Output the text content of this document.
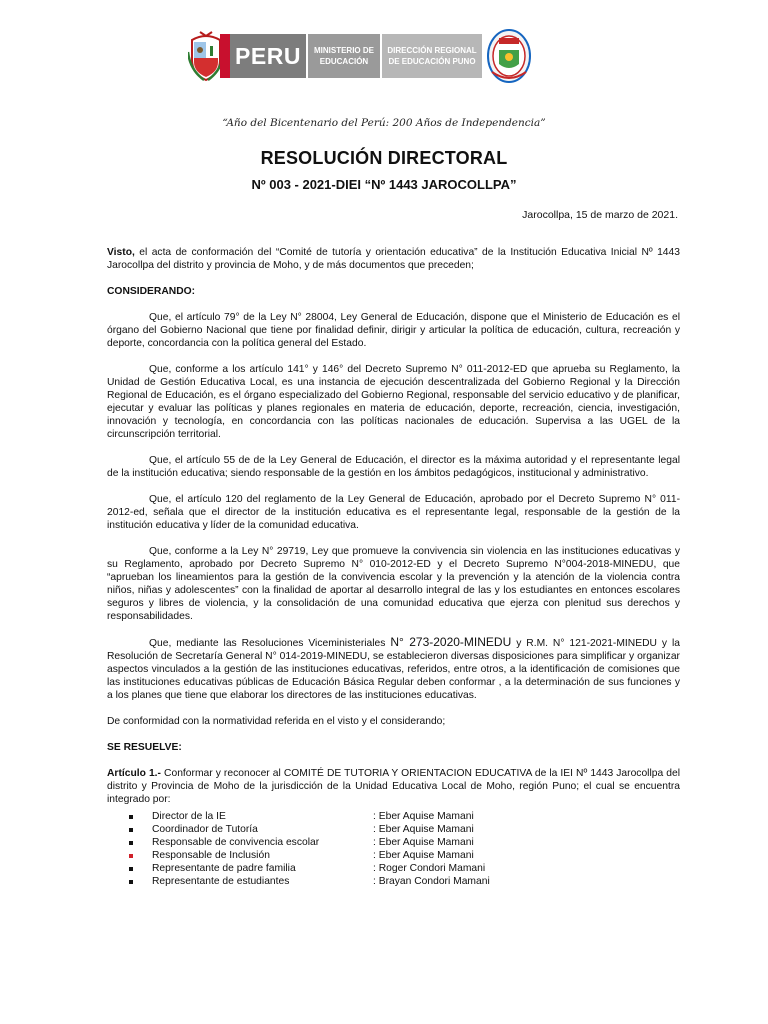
PERU	MINISTERIO DE EDUCACIÓN
DIRECCIÓN REGIONAL DE EDUCACIÓN PUNO
“Año del Bicentenario del Perú: 200 Años de Independencia”
RESOLUCIÓN DIRECTORAL
Nº 003 - 2021-DIEI “Nº 1443 JAROCOLLPA”
Jarocollpa, 15 de marzo de 2021.

Visto, el acta de conformación del “Comité de tutoría y orientación educativa” de la Institución Educativa Inicial Nº 1443 Jarocollpa del distrito y provincia de Moho, y de más documentos que preceden;

CONSIDERANDO:

Que, el artículo 79° de la Ley N° 28004, Ley General de Educación, dispone que el Ministerio de Educación es el órgano del Gobierno Nacional que tiene por finalidad definir, dirigir y articular la política de educación, cultura, recreación y deporte, concordancia con la política general del Estado.

Que, conforme a los artículo 141° y 146° del Decreto Supremo N° 011-2012-ED que aprueba su Reglamento, la Unidad de Gestión Educativa Local, es una instancia de ejecución descentralizada del Gobierno Regional y la Dirección Regional de Educación, es el órgano especializado del Gobierno Regional, responsable del servicio educativo y de planificar, ejecutar y evaluar las políticas y planes regionales en materia de educación, deporte, recreación, ciencia, investigación, innovación y tecnología, en concordancia con las políticas nacionales de educación. Supervisa a las UGEL de la circunscripción territorial.

Que, el artículo 55 de de la Ley General de Educación, el director es la máxima autoridad y el representante legal de la institución educativa; siendo responsable de la gestión en los ámbitos pedagógicos, institucional y administrativo.

Que, el artículo 120 del reglamento de la Ley General de Educación, aprobado por el Decreto Supremo N° 011-2012-ed, señala que el director de la institución educativa es el representante legal, responsable de la gestión de la institución educativa y líder de la comunidad educativa.

Que, conforme a la Ley N° 29719, Ley que promueve la convivencia sin violencia en las instituciones educativas y su Reglamento, aprobado por Decreto Supremo N° 010-2012-ED y el Decreto Supremo N°004-2018-MINEDU, que “aprueban los lineamientos para la gestión de la convivencia escolar y la prevención y la atención de la violencia contra niños, niñas y adolescentes” con la finalidad de aportar al desarrollo integral de las y los estudiantes en entonces escolares seguros y libres de violencia, y la consolidación de una comunidad educativa que ejerza con plenitud sus derechos y responsabilidades.

Que, mediante las Resoluciones Viceministeriales N° 273-2020-MINEDU y R.M. N° 121-2021-MINEDU y la Resolución de Secretaría General N° 014-2019-MINEDU, se establecieron diversas disposiciones para simplificar y organizar aspectos vinculados a la gestión de las instituciones educativas, referidos, entre otros, a la identificación de comisiones que las instituciones educativas públicas de Educación Básica Regular deben conformar , a la determinación de sus funciones y a los planes que tiene que elaborar los directores de las instituciones educativas.

De conformidad con la normatividad referida en el visto y el considerando;

SE RESUELVE:

Artículo 1.- Conformar y reconocer al COMITÉ DE TUTORIA Y ORIENTACION EDUCATIVA de la IEI Nº 1443 Jarocollpa del distrito y Provincia de Moho de la jurisdicción de la Unidad Educativa Local de Moho, región Puno; el cual se encuentra integrado por:

Director de la IE	: Eber Aquise Mamani
Coordinador de Tutoría	: Eber Aquise Mamani
Responsable de convivencia escolar	: Eber Aquise Mamani
Responsable de Inclusión	: Eber Aquise Mamani
Representante de padre familia	: Roger Condori Mamani
Representante de estudiantes	: Brayan Condori Mamani
